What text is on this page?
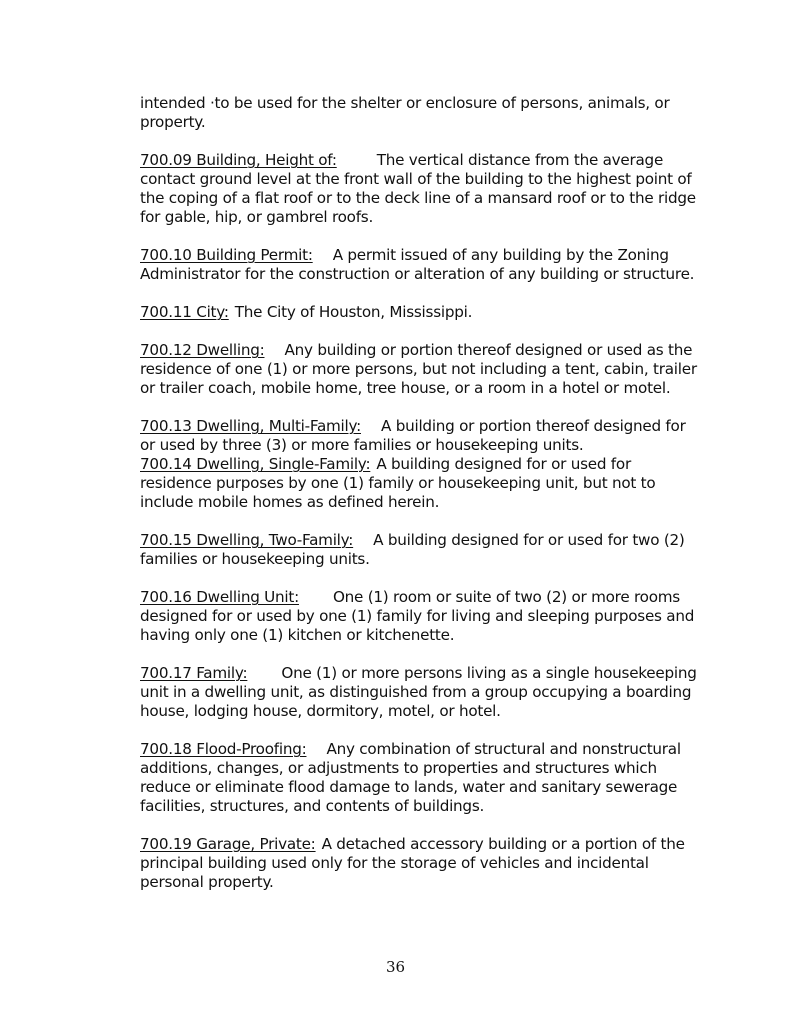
intended ·to be used for the shelter or enclosure of persons, animals, or property.

700.09 Building, Height of:	The vertical distance from the average contact ground level at the front wall of the building to the highest point of the coping of a flat roof or to the deck line of a mansard roof or to the ridge for gable, hip, or gambrel roofs.

700.10 Building Permit: A permit issued of any building by the Zoning Administrator for the construction or alteration of any building or structure.

700.11 City: The City of Houston, Mississippi.

700.12 Dwelling: Any building or portion thereof designed or used as the residence of one (1) or more persons, but not including a tent, cabin, trailer or trailer coach, mobile home, tree house, or a room in a hotel or motel.

700.13 Dwelling, Multi-Family: A building or portion thereof designed for or used by three (3) or more families or housekeeping units.

700.14 Dwelling, Single-Family: A building designed for or used for residence purposes by one (1) family or housekeeping unit, but not to include mobile homes as defined herein.

700.15 Dwelling, Two-Family: A building designed for or used for two (2) families or housekeeping units.

700.16 Dwelling Unit: One (1) room or suite of two (2) or more rooms designed for or used by one (1) family for living and sleeping purposes and having only one (1) kitchen or kitchenette.

700.17 Family: One (1) or more persons living as a single housekeeping unit in a dwelling unit, as distinguished from a group occupying a boarding house, lodging house, dormitory, motel, or hotel.

700.18 Flood-Proofing: Any combination of structural and nonstructural additions, changes, or adjustments to properties and structures which reduce or eliminate flood damage to lands, water and sanitary sewerage facilities, structures, and contents of buildings.

700.19 Garage, Private: A detached accessory building or a portion of the principal building used only for the storage of vehicles and incidental personal property.

36
